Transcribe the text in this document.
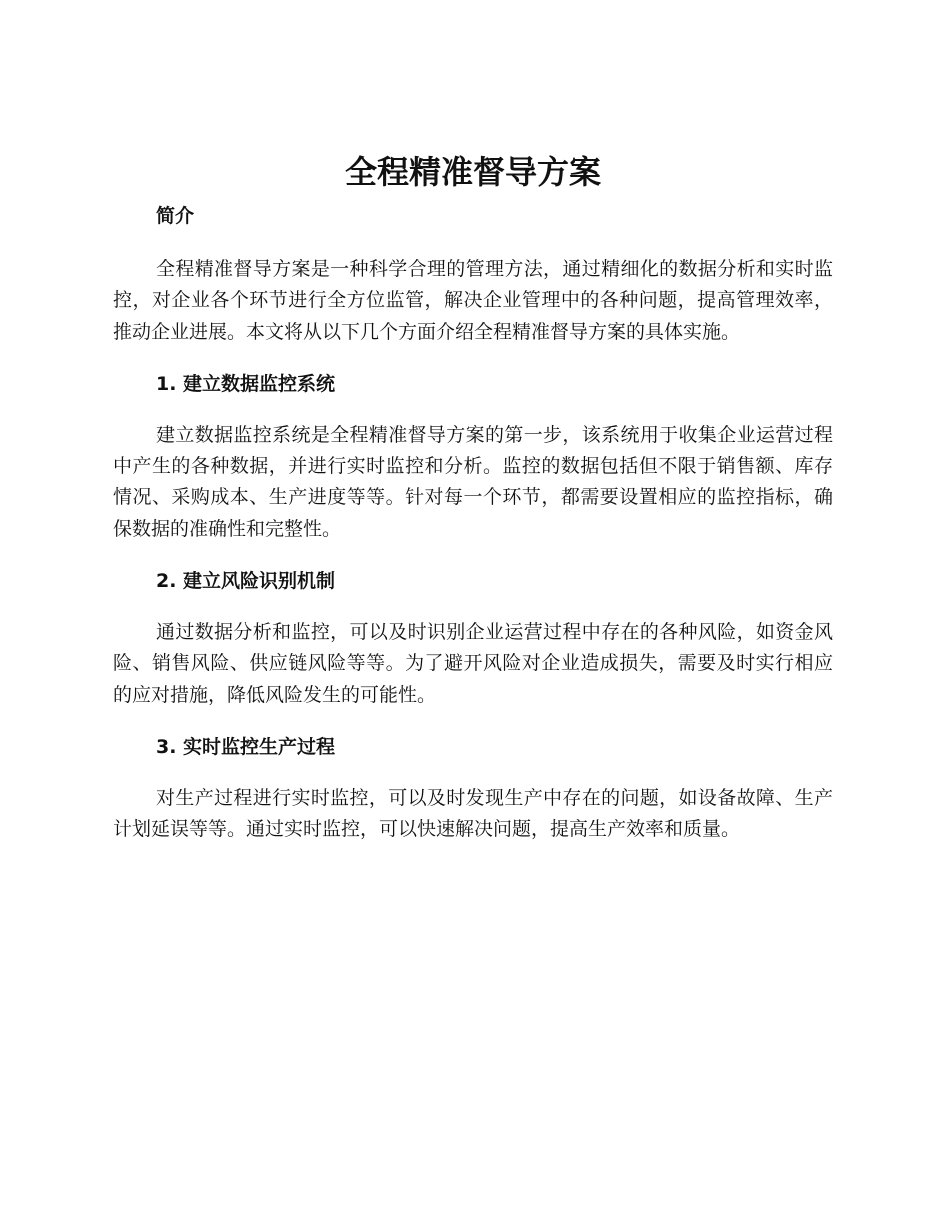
全程精准督导方案
简介

全程精准督导方案是一种科学合理的管理方法，通过精细化的数据分析和实时监控，对企业各个环节进行全方位监管，解决企业管理中的各种问题，提高管理效率，推动企业进展。本文将从以下几个方面介绍全程精准督导方案的具体实施。

1. 建立数据监控系统

建立数据监控系统是全程精准督导方案的第一步，该系统用于收集企业运营过程中产生的各种数据，并进行实时监控和分析。监控的数据包括但不限于销售额、库存情况、采购成本、生产进度等等。针对每一个环节，都需要设置相应的监控指标，确保数据的准确性和完整性。

2. 建立风险识别机制

通过数据分析和监控，可以及时识别企业运营过程中存在的各种风险，如资金风险、销售风险、供应链风险等等。为了避开风险对企业造成损失，需要及时实行相应的应对措施，降低风险发生的可能性。

3. 实时监控生产过程

对生产过程进行实时监控，可以及时发现生产中存在的问题，如设备故障、生产计划延误等等。通过实时监控，可以快速解决问题，提高生产效率和质量。
